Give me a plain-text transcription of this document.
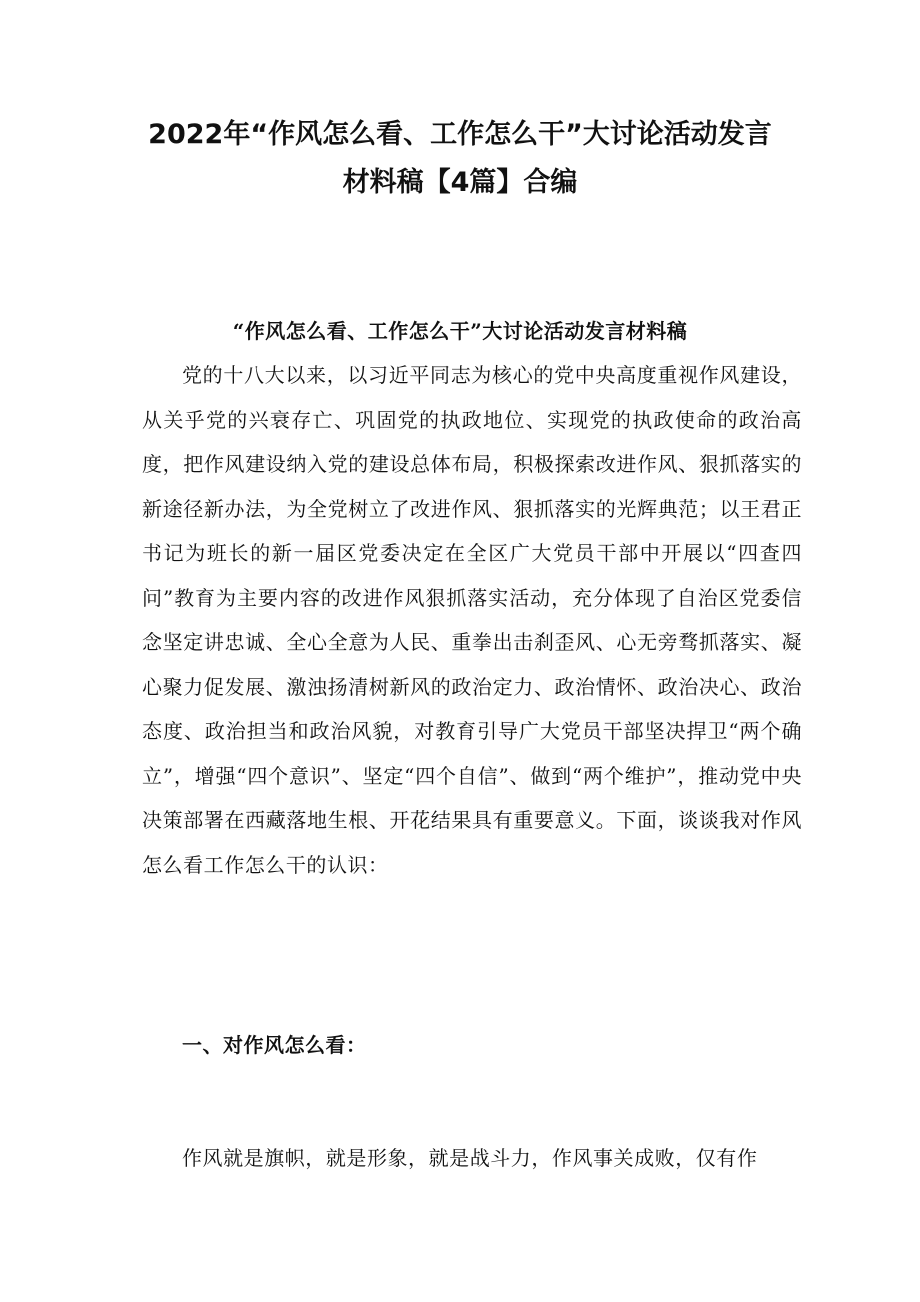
2022年“作风怎么看、工作怎么干”大讨论活动发言
材料稿【4篇】合编
“作风怎么看、工作怎么干”大讨论活动发言材料稿

党的十八大以来，以习近平同志为核心的党中央高度重视作风建设，从关乎党的兴衰存亡、巩固党的执政地位、实现党的执政使命的政治高度，把作风建设纳入党的建设总体布局，积极探索改进作风、狠抓落实的新途径新办法，为全党树立了改进作风、狠抓落实的光辉典范；以王君正书记为班长的新一届区党委决定在全区广大党员干部中开展以“四查四问”教育为主要内容的改进作风狠抓落实活动，充分体现了自治区党委信念坚定讲忠诚、全心全意为人民、重拳出击刹歪风、心无旁骛抓落实、凝心聚力促发展、激浊扬清树新风的政治定力、政治情怀、政治决心、政治态度、政治担当和政治风貌，对教育引导广大党员干部坚决捍卫“两个确立”，增强“四个意识”、坚定“四个自信”、做到“两个维护”，推动党中央决策部署在西藏落地生根、开花结果具有重要意义。下面，谈谈我对作风怎么看工作怎么干的认识：

一、对作风怎么看：

作风就是旗帜，就是形象，就是战斗力，作风事关成败，仅有作
